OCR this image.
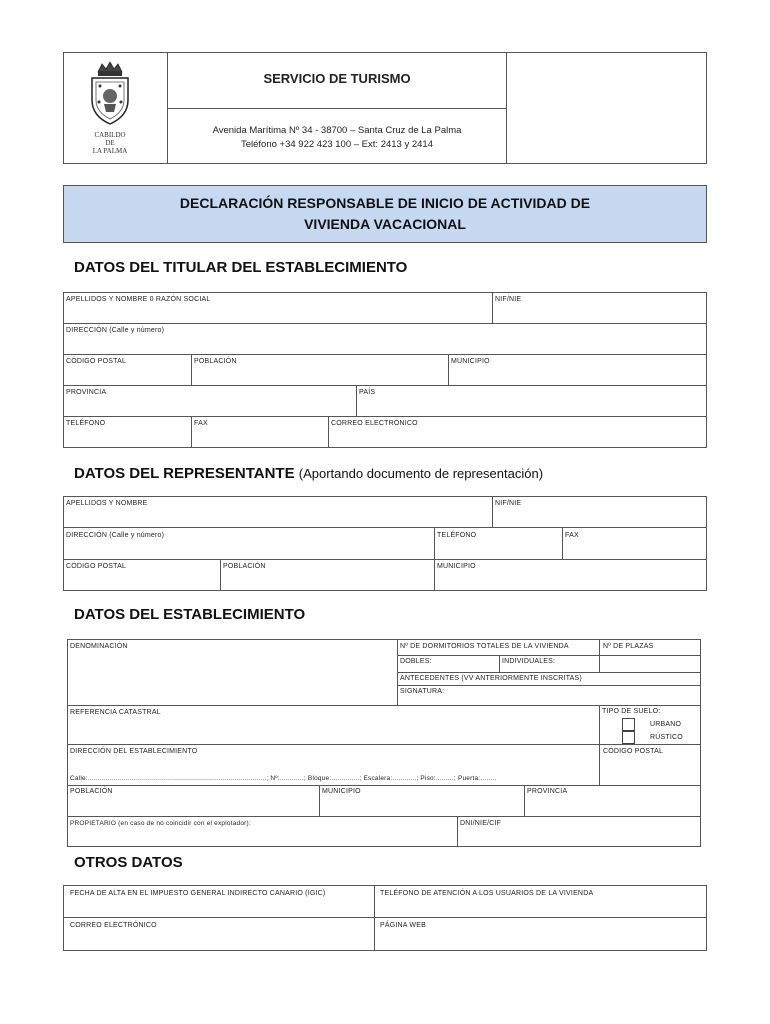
CABILDO
DE
LA PALMA
SERVICIO DE TURISMO
Avenida Marítima Nº 34 - 38700 – Santa Cruz de La Palma
Teléfono +34 922 423 100 – Ext: 2413 y 2414
DECLARACIÓN RESPONSABLE DE INICIO DE ACTIVIDAD DE
VIVIENDA VACACIONAL
DATOS DEL TITULAR DEL ESTABLECIMIENTO
APELLIDOS Y NOMBRE 0 RAZÓN SOCIAL	NIF/NIE
DIRECCIÓN (Calle y número)
CÓDIGO POSTAL	POBLACIÓN	MUNICIPIO
PROVINCIA	PAÍS
TELÉFONO	FAX	CORREO ELECTRÓNICO
DATOS DEL REPRESENTANTE (Aportando documento de representación)
APELLIDOS Y NOMBRE	NIF/NIE
DIRECCIÓN (Calle y número)	TELÉFONO	FAX
CÓDIGO POSTAL	POBLACIÓN	MUNICIPIO
DATOS DEL ESTABLECIMIENTO
DENOMINACIÓN	Nº DE DORMITORIOS TOTALES DE LA VIVIENDA	Nº DE PLAZAS
DOBLES:	INDIVIDUALES:
ANTECEDENTES (VV ANTERIORMENTE INSCRITAS)
SIGNATURA:
REFERENCIA CATASTRAL	TIPO DE SUELO:
URBANO
RÚSTICO
DIRECCIÓN DEL ESTABLECIMIENTO	CÓDIGO POSTAL
Calle:.........................................................................................; Nº:............; Bloque:..............; Escalera:............; Piso:.........; Puerta:........
POBLACIÓN	MUNICIPIO	PROVINCIA
PROPIETARIO (en caso de no coincidir con el explotador):	DNI/NIE/CIF
OTROS DATOS
FECHA DE ALTA EN EL IMPUESTO GENERAL INDIRECTO CANARIO (IGIC)	TELÉFONO DE ATENCIÓN A LOS USUARIOS DE LA VIVIENDA
CORREO ELECTRÓNICO	PÁGINA WEB
